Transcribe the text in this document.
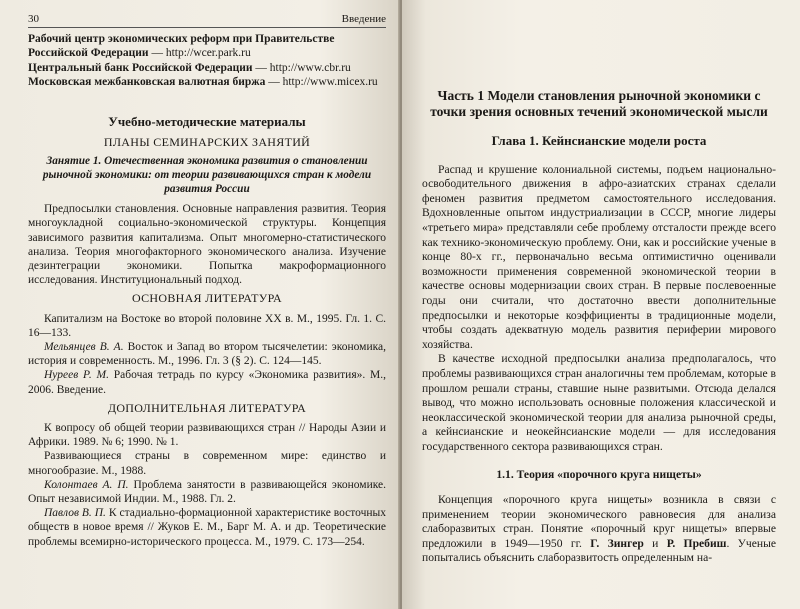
30	Введение

Рабочий центр экономических реформ при Правительстве Российской Федерации — http://wcer.park.ru

Центральный банк Российской Федерации — http://www.cbr.ru

Московская межбанковская валютная биржа — http://www.micex.ru

Учебно-методические материалы
ПЛАНЫ СЕМИНАРСКИХ ЗАНЯТИЙ
Занятие 1. Отечественная экономика развития о становлении рыночной экономики: от теории развивающихся стран к модели развития России

Предпосылки становления. Основные направления развития. Теория многоукладной социально-экономической структуры. Концепция зависимого развития капитализма. Опыт многомерно-статистического анализа. Теория многофакторного экономического анализа. Изучение дезинтеграции экономики. Попытка макроформационного исследования. Институциональный подход.

ОСНОВНАЯ ЛИТЕРАТУРА

Капитализм на Востоке во второй половине XX в. М., 1995. Гл. 1. С. 16—133.

Мельянцев В. А. Восток и Запад во втором тысячелетии: экономика, история и современность. М., 1996. Гл. 3 (§ 2). С. 124—145.

Нуреев Р. М. Рабочая тетрадь по курсу «Экономика развития». М., 2006. Введение.

ДОПОЛНИТЕЛЬНАЯ ЛИТЕРАТУРА

К вопросу об общей теории развивающихся стран // Народы Азии и Африки. 1989. № 6; 1990. № 1.

Развивающиеся страны в современном мире: единство и многообразие. М., 1988.

Колонтаев А. П. Проблема занятости в развивающейся экономике. Опыт независимой Индии. М., 1988. Гл. 2.

Павлов В. П. К стадиально-формационной характеристике восточных обществ в новое время // Жуков Е. М., Барг М. А. и др. Теоретические проблемы всемирно-исторического процесса. М., 1979. С. 173—254.

Часть 1 Модели становления рыночной экономики с точки зрения основных течений экономической мысли
Глава 1. Кейнсианские модели роста

Распад и крушение колониальной системы, подъем национально-освободительного движения в афро-азиатских странах сделали феномен развития предметом самостоятельного исследования. Вдохновленные опытом индустриализации в СССР, многие лидеры «третьего мира» представляли себе проблему отсталости прежде всего как технико-экономическую проблему. Они, как и российские ученые в конце 80-х гг., первоначально весьма оптимистично оценивали возможности применения современной экономической теории в качестве основы модернизации своих стран. В первые послевоенные годы они считали, что достаточно ввести дополнительные предпосылки и некоторые коэффициенты в традиционные модели, чтобы создать адекватную модель развития периферии мирового хозяйства.

В качестве исходной предпосылки анализа предполагалось, что проблемы развивающихся стран аналогичны тем проблемам, которые в прошлом решали страны, ставшие ныне развитыми. Отсюда делался вывод, что можно использовать основные положения классической и неоклассической экономической теории для анализа рыночной среды, а кейнсианские и неокейнсианские модели — для исследования государственного сектора развивающихся стран.

1.1. Теория «порочного круга нищеты»

Концепция «порочного круга нищеты» возникла в связи с применением теории экономического равновесия для анализа слаборазвитых стран. Понятие «порочный круг нищеты» впервые предложили в 1949—1950 гг. Г. Зингер и Р. Пребиш. Ученые попытались объяснить слаборазвитость определенным на-
